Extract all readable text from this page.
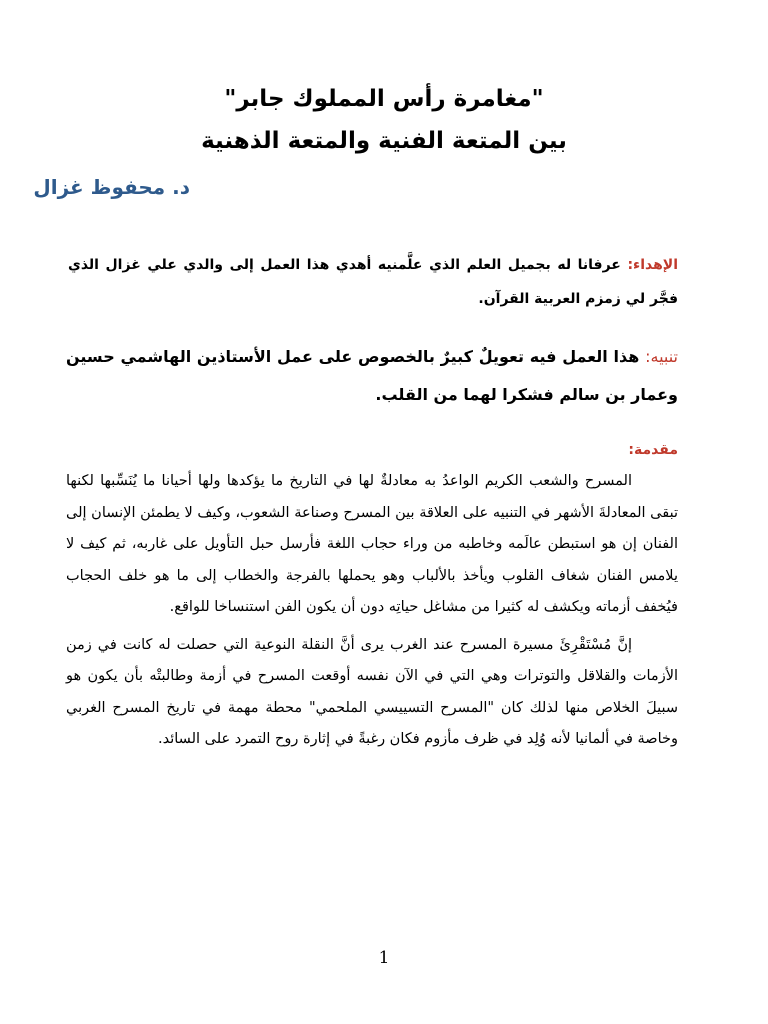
"مغامرة رأس المملوك جابر"
بين المتعة الفنية والمتعة الذهنية
د. محفوظ غزال
الإهداء: عرفانا له بجميل العلم الذي علَّمنيه أهدي هذا العمل إلى والدي علي غزال الذي فجَّر لي زمزم العربية القرآن.
تنبيه: هذا العمل فيه تعويلٌ كبيرٌ بالخصوص على عمل الأستاذين الهاشمي حسين وعمار بن سالم فشكرا لهما من القلب.
مقدمة:

المسرح والشعب الكريم الواعدُ به معادلةٌ لها في التاريخ ما يؤكدها ولها أحيانا ما يُنَسِّبها لكنها تبقى المعادلةَ الأشهر في التنبيه على العلاقة بين المسرح وصناعة الشعوب، وكيف لا يطمئن الإنسان إلى الفنان إن هو استبطن عالَمه وخاطبه من وراء حجاب اللغة فأرسل حبل التأويل على غاربه، ثم كيف لا يلامس الفنان شغاف القلوب ويأخذ بالألباب وهو يحملها بالفرجة والخطاب إلى ما هو خلف الحجاب فيُخفف أزماته ويكشف له كثيرا من مشاغل حياتِه دون أن يكون الفن استنساخا للواقع.

إنَّ مُسْتَقْرِئَ مسيرة المسرح عند الغرب يرى أنَّ النقلة النوعية التي حصلت له كانت في زمن الأزمات والقلاقل والتوترات وهي التي في الآن نفسه أوقعت المسرح في أزمة وطالبتْه بأن يكون هو سبيلَ الخلاص منها لذلك كان "المسرح التسييسي الملحمي" محطة مهمة في تاريخ المسرح الغربي وخاصة في ألمانيا لأنه وُلِد في ظرف مأزوم فكان رغبةً في إثارة روح التمرد على السائد.

1
